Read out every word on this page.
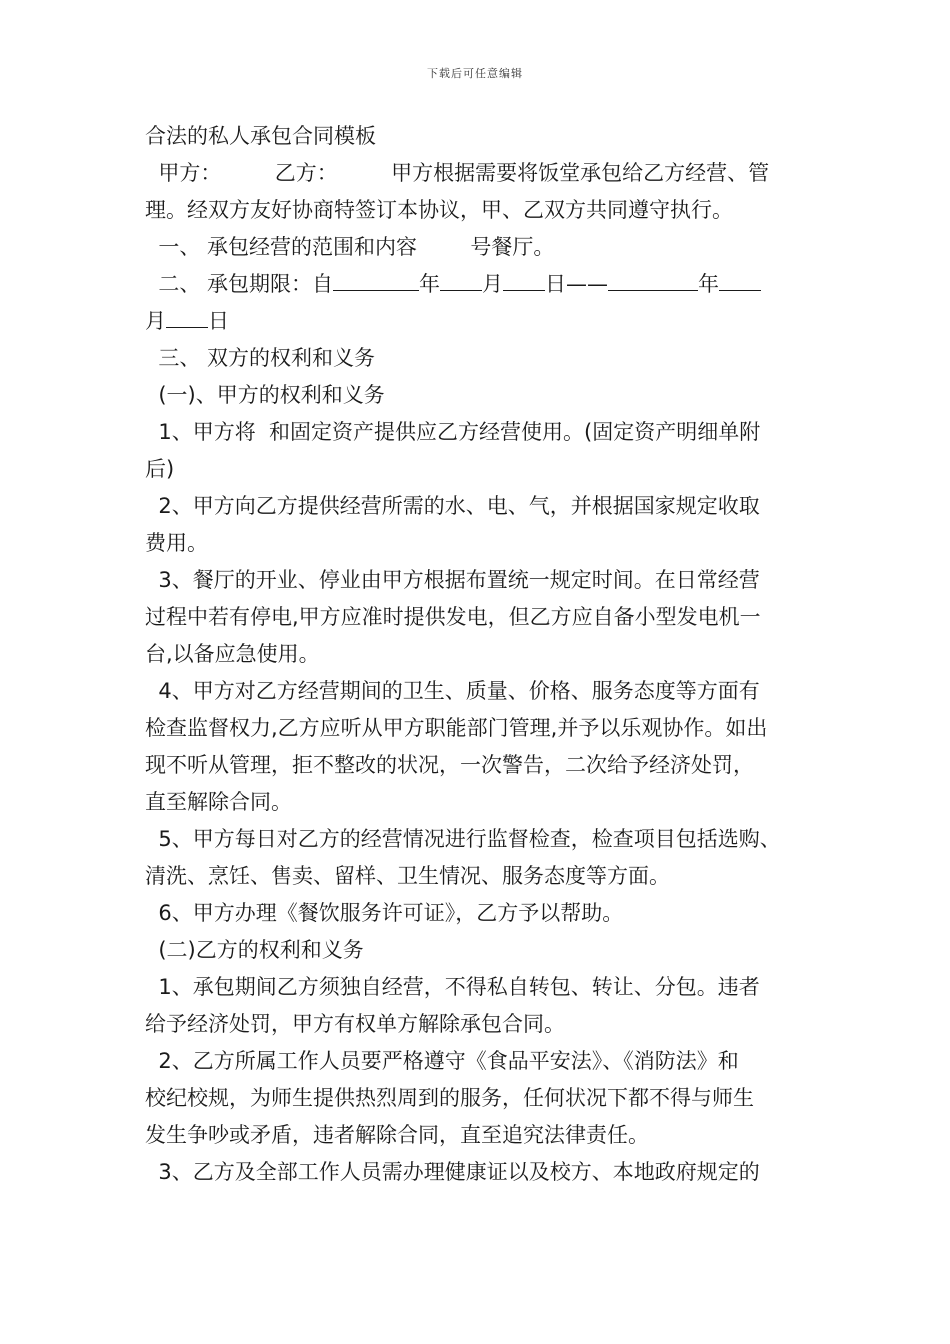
下载后可任意编辑
合法的私人承包合同模板
甲方：        乙方：        甲方根据需要将饭堂承包给乙方经营、管
理。经双方友好协商特签订本协议，甲、乙双方共同遵守执行。
一、 承包经营的范围和内容        号餐厅。
二、 承包期限：自	年 月 日——	年
月 日
三、 双方的权利和义务
(一)、甲方的权利和义务
1、甲方将  和固定资产提供应乙方经营使用。(固定资产明细单附
后)
2、甲方向乙方提供经营所需的水、电、气，并根据国家规定收取
费用。
3、餐厅的开业、停业由甲方根据布置统一规定时间。在日常经营
过程中若有停电,甲方应准时提供发电，但乙方应自备小型发电机一
台,以备应急使用。
4、甲方对乙方经营期间的卫生、质量、价格、服务态度等方面有
检查监督权力,乙方应听从甲方职能部门管理,并予以乐观协作。如出
现不听从管理，拒不整改的状况，一次警告，二次给予经济处罚，
直至解除合同。
5、甲方每日对乙方的经营情况进行监督检查，检查项目包括选购、
清洗、烹饪、售卖、留样、卫生情况、服务态度等方面。
6、甲方办理《餐饮服务许可证》，乙方予以帮助。
(二)乙方的权利和义务
1、承包期间乙方须独自经营，不得私自转包、转让、分包。违者
给予经济处罚，甲方有权单方解除承包合同。
2、乙方所属工作人员要严格遵守《食品平安法》、《消防法》和
校纪校规，为师生提供热烈周到的服务，任何状况下都不得与师生
发生争吵或矛盾，违者解除合同，直至追究法律责任。
3、乙方及全部工作人员需办理健康证以及校方、本地政府规定的
